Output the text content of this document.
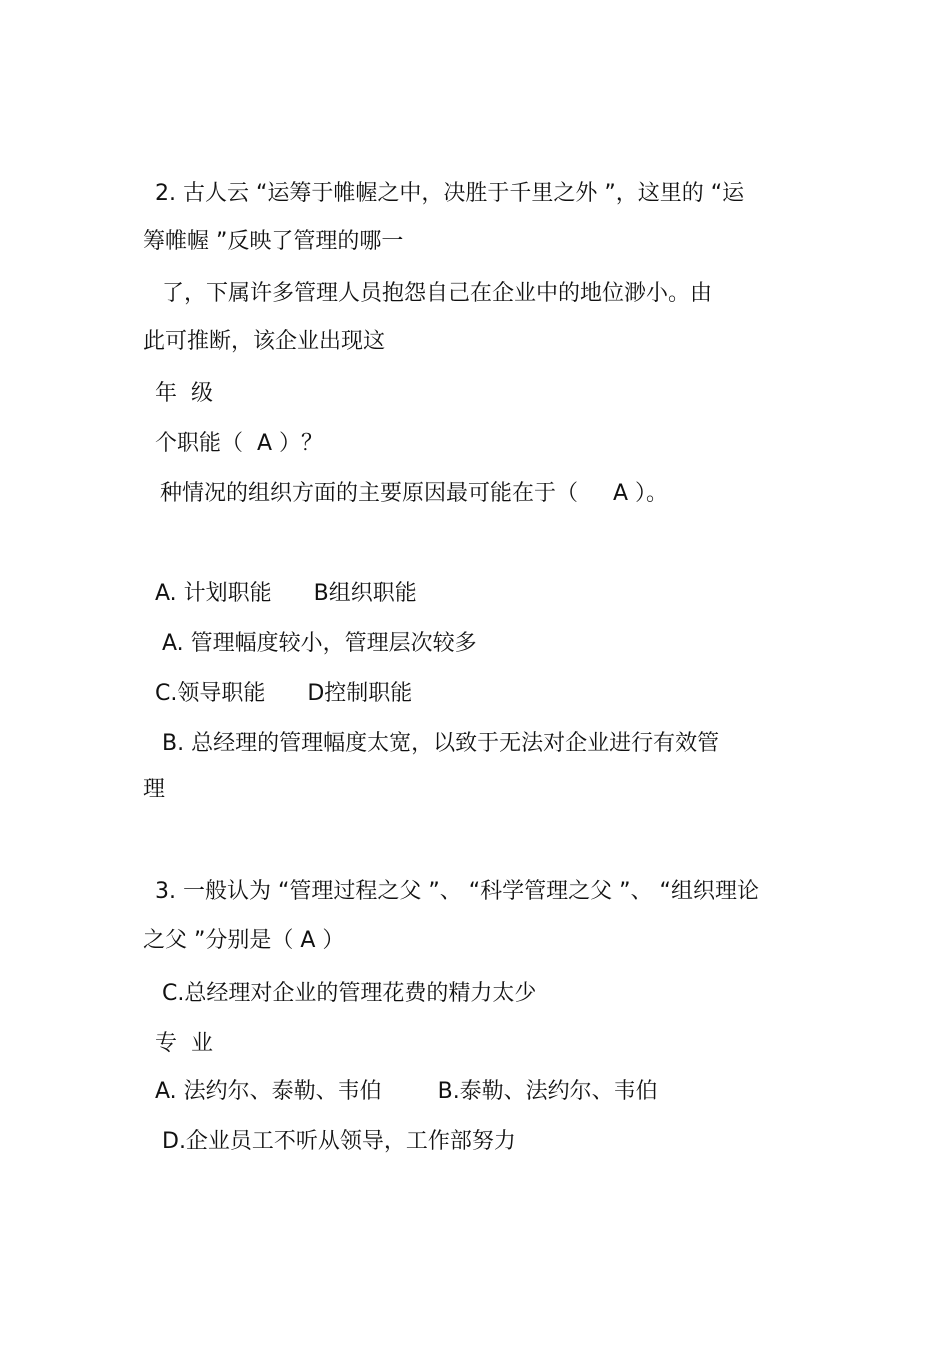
2. 古人云 “运筹于帷幄之中，决胜于千里之外 ”，这里的 “运
筹帷幄 ”反映了管理的哪一
了，下属许多管理人员抱怨自己在企业中的地位渺小。由
此可推断，该企业出现这
年  级
个职能（  A ）？
种情况的组织方面的主要原因最可能在于（     A ）。
A. 计划职能      B组织职能
A. 管理幅度较小，管理层次较多
C.领导职能      D控制职能
B. 总经理的管理幅度太宽，以致于无法对企业进行有效管
理
3. 一般认为 “管理过程之父 ”、 “科学管理之父 ”、 “组织理论
之父 ”分别是（ A ）
C.总经理对企业的管理花费的精力太少
专  业
A. 法约尔、泰勒、韦伯        B.泰勒、法约尔、韦伯
D.企业员工不听从领导，工作部努力
